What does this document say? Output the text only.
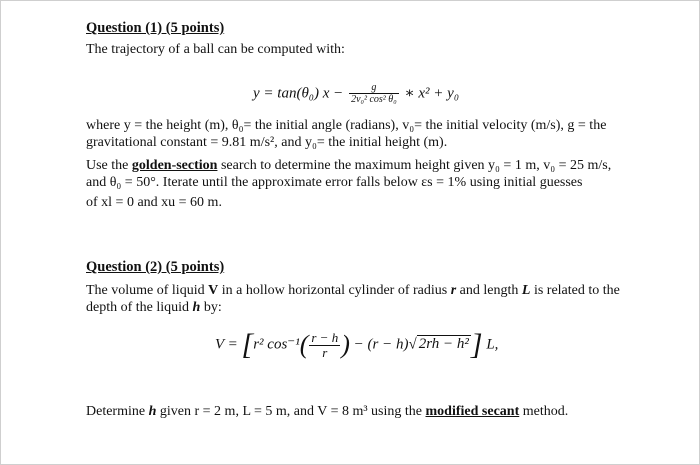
Question (1) (5 points)
The trajectory of a ball can be computed with:
y = tan(θ₀) $x - \frac{g}{\text{2v₀² cos² θ₀}}$ ∗ x² + y₀
where y = the height (m), θ₀= the initial angle (radians), v₀= the initial velocity (m/s), g = the
gravitational constant = 9.81 m/s², and y₀= the initial height (m).
Use the golden-section search to determine the maximum height given y₀ = 1 m, v₀ = 25 m/s,
and θ₀ = 50°. Iterate until the approximate error falls below εs = 1% using initial guesses
of xl = 0 and xu = 60 m.
Question (2) (5 points)
The volume of liquid V in a hollow horizontal cylinder of radius r and length L is related to the
depth of the liquid h by:
V = [r² $\cos^{-1}( \frac{r - h}{r}$ ) − (r − h)√ 2rh − h²] L,
Determine h given r = 2 m, L = 5 m, and V = 8 m³ using the modified secant method.
